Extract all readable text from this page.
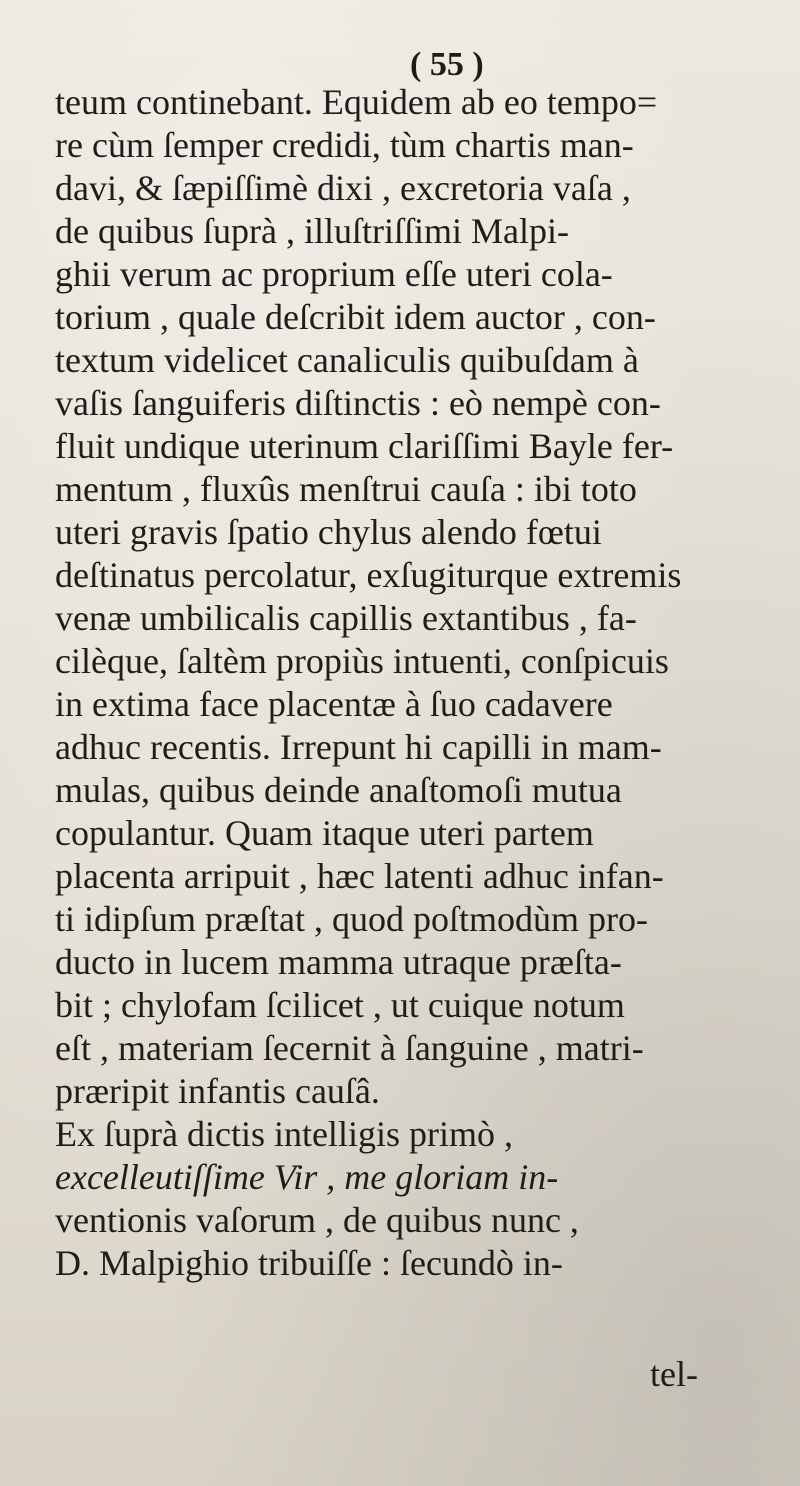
( 55 )
teum continebant. Equidem ab eo tempo=
re cùm ſemper credidi, tùm chartis man-
davi, & ſæpiſſimè dixi , excretoria vaſa ,
de quibus ſuprà , illuſtriſſimi Malpi-
ghii verum ac proprium eſſe uteri cola-
torium , quale deſcribit idem auctor , con-
textum videlicet canaliculis quibuſdam à
vaſis ſanguiferis diſtinctis : eò nempè con-
fluit undique uterinum clariſſimi Bayle fer-
mentum , fluxûs menſtrui cauſa : ibi toto
uteri gravis ſpatio chylus alendo fœtui
deſtinatus percolatur, exſugiturque extremis
venæ umbilicalis capillis extantibus , fa-
cilèque, ſaltèm propiùs intuenti, conſpicuis
in extima face placentæ à ſuo cadavere
adhuc recentis. Irrepunt hi capilli in mam-
mulas, quibus deinde anaſtomoſi mutua
copulantur. Quam itaque uteri partem
placenta arripuit , hæc latenti adhuc infan-
ti idipſum præſtat , quod poſtmodùm pro-
ducto in lucem mamma utraque præſta-
bit ; chylofam ſcilicet , ut cuique notum
eſt , materiam ſecernit à ſanguine , matri-
præripit infantis cauſâ.
Ex ſuprà dictis intelligis primò ,
excelleutiſſime Vir , me gloriam in-
ventionis vaſorum , de quibus nunc ,
D. Malpighio tribuiſſe : ſecundò in-
tel-
